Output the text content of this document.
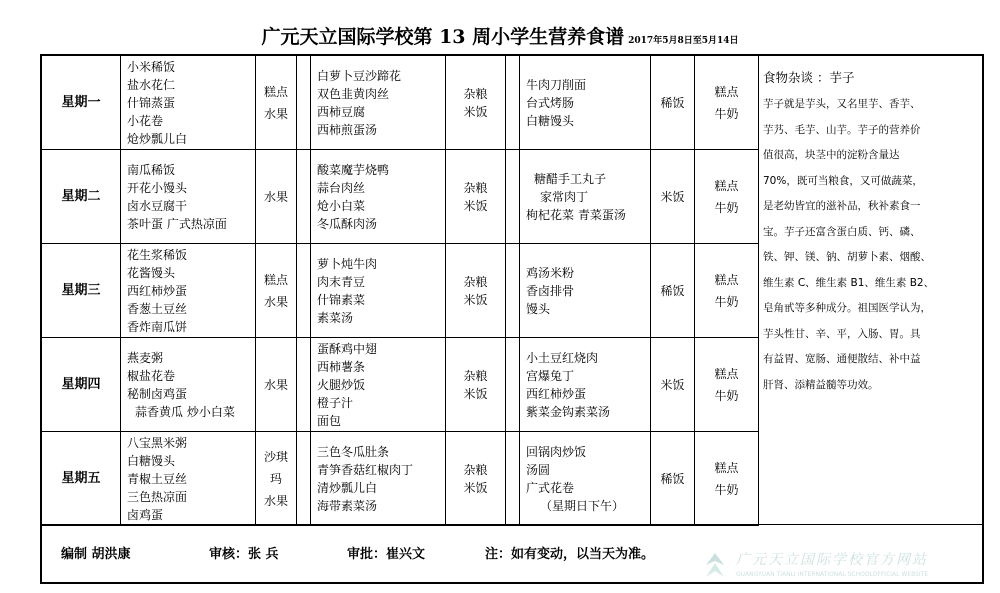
广元天立国际学校第 13 周小学生营养食谱 2017年5月8日至5月14日
星期一	小米稀饭
盐水花仁
什锦蒸蛋
小花卷
炝炒瓢儿白	糕点
水果		白萝卜豆沙蹄花
双色韭黄肉丝
西柿豆腐
西柿煎蛋汤	杂粮
米饭		牛肉刀削面
台式烤肠
白糖馒头	稀饭	糕点
牛奶

星期二	南瓜稀饭
开花小馒头
卤水豆腐干
茶叶蛋 广式热凉面	水果		酸菜魔芋烧鸭
蒜台肉丝
炝小白菜
冬瓜酥肉汤	杂粮
米饭		糖醋手工丸子
家常肉丁
枸杞花菜 青菜蛋汤	米饭	糕点
牛奶

星期三	花生浆稀饭
花酱馒头
西红柿炒蛋
香葱土豆丝
香炸南瓜饼	糕点
水果		萝卜炖牛肉
肉末青豆
什锦素菜
素菜汤	杂粮
米饭		鸡汤米粉
香卤排骨
馒头	稀饭	糕点
牛奶

星期四	燕麦粥
椒盐花卷
秘制卤鸡蛋
蒜香黄瓜 炒小白菜	水果		蛋酥鸡中翅
西柿薯条
火腿炒饭
橙子汁
面包	杂粮
米饭		小土豆红烧肉
宫爆兔丁
西红柿炒蛋
紫菜金钩素菜汤	米饭	糕点
牛奶

星期五	八宝黑米粥
白糖馒头
青椒土豆丝
三色热凉面
卤鸡蛋	沙琪
玛
水果		三色冬瓜肚条
青笋香菇红椒肉丁
清炒瓢儿白
海带素菜汤	杂粮
米饭		回锅肉炒饭
汤圆
广式花卷
（星期日下午）	稀饭	糕点
牛奶
食物杂谈 ：芋子
芋子就是芋头，又名里芋、香芋、
芋艿、毛芋、山芋。芋子的营养价
值很高，块茎中的淀粉含量达
70%，既可当粮食，又可做蔬菜，
是老幼皆宜的滋补品，秋补素食一
宝。芋子还富含蛋白质、钙、磷、
铁、钾、镁、钠、胡萝卜素、烟酸、
维生素 C、维生素 B1、维生素 B2、
皂角甙等多种成分。祖国医学认为，
芋头性甘、辛、平，入肠、胃。具
有益胃、宽肠、通便散结、补中益
肝肾、添精益髓等功效。
编制 胡洪康	审核：张 兵	审批：崔兴文	注：如有变动，以当天为准。	广元天立国际学校官方网站
GUANGYUAN TIANLI INTERNATIONAL SCHOOLOFFICIAL WEBSITE
